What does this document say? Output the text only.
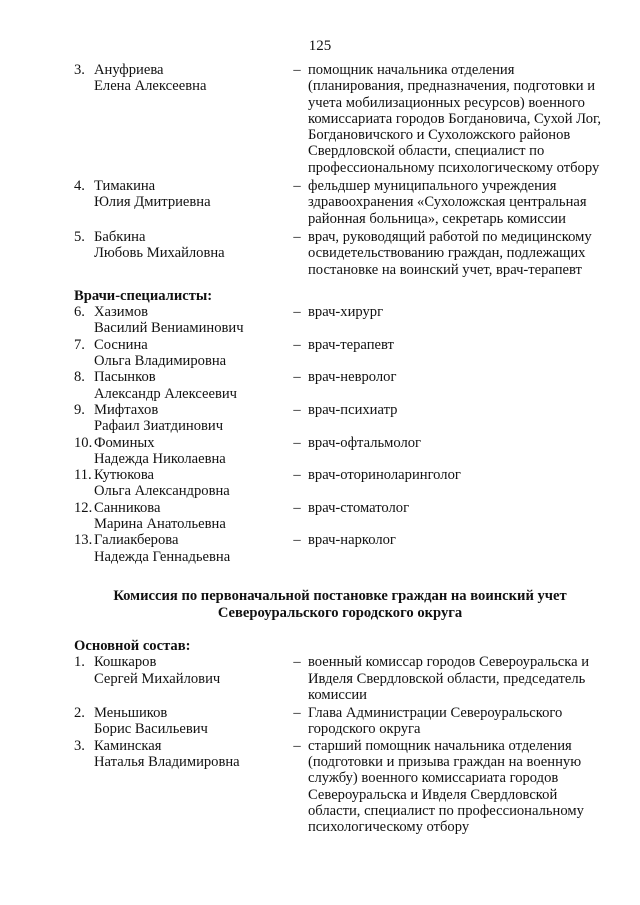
125
3. Ануфриева
Елена Алексеевна
– помощник начальника отделения (планирования, предназначения, подготовки и учета мобилизационных ресурсов) военного комиссариата городов Богдановича, Сухой Лог, Богдановичского и Сухоложского районов Свердловской области, специалист по профессиональному психологическому отбору
4. Тимакина
Юлия Дмитриевна
– фельдшер муниципального учреждения здравоохранения «Сухоложская центральная районная больница», секретарь комиссии
5. Бабкина
Любовь Михайловна
– врач, руководящий работой по медицинскому освидетельствованию граждан, подлежащих постановке на воинский учет, врач-терапевт
Врачи-специалисты:
6. Хазимов
Василий Вениаминович
– врач-хирург
7. Соснина
Ольга Владимировна
– врач-терапевт
8. Пасынков
Александр Алексеевич
– врач-невролог
9. Мифтахов
Рафаил Зиатдинович
– врач-психиатр
10. Фоминых
Надежда Николаевна
– врач-офтальмолог
11. Кутюкова
Ольга Александровна
– врач-оториноларинголог
12. Санникова
Марина Анатольевна
– врач-стоматолог
13. Галиакберова
Надежда Геннадьевна
– врач-нарколог
Комиссия по первоначальной постановке граждан на воинский учет
Североуральского городского округа
Основной состав:
1. Кошкаров
Сергей Михайлович
– военный комиссар городов Североуральска и Ивделя Свердловской области, председатель комиссии
2. Меньшиков
Борис Васильевич
– Глава Администрации Североуральского городского округа
3. Каминская
Наталья Владимировна
– старший помощник начальника отделения (подготовки и призыва граждан на военную службу) военного комиссариата городов Североуральска и Ивделя Свердловской области, специалист по профессиональному психологическому отбору
